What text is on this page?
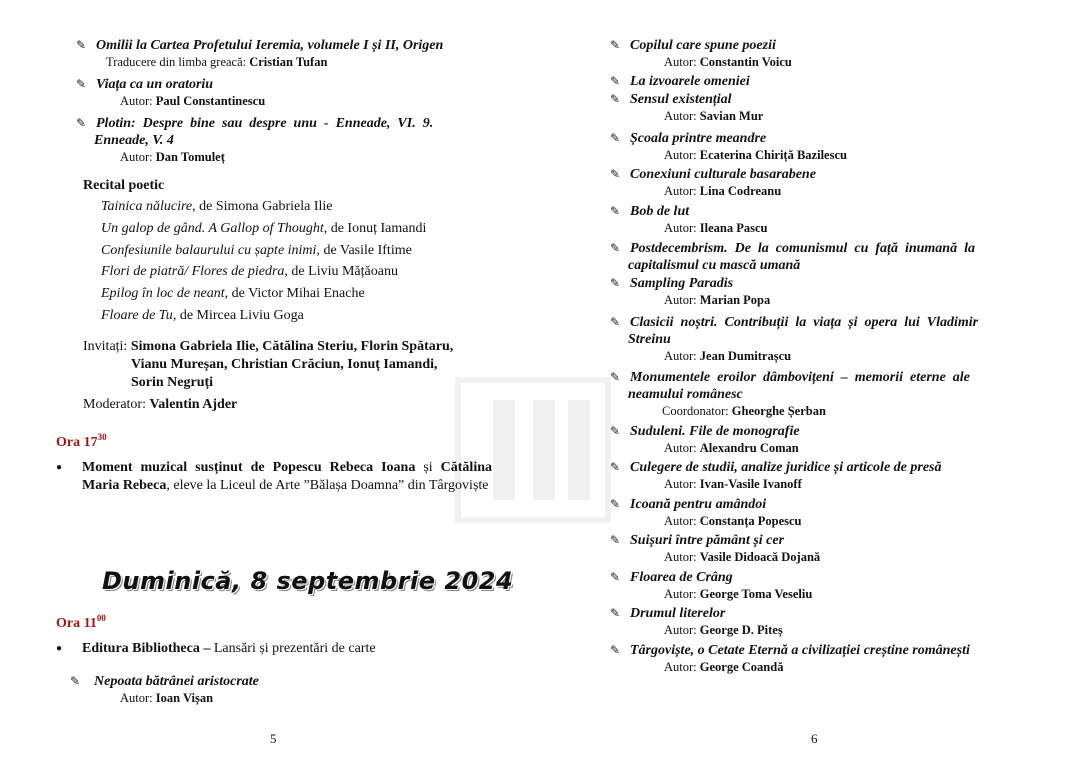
✎ Omilii la Cartea Profetului Ieremia, volumele I și II, Origen
Traducere din limba greacă: Cristian Tufan
✎ Viața ca un oratoriu
Autor: Paul Constantinescu
✎ Plotin:  Despre  bine  sau  despre  unu  -  Enneade,  VI.  9.
Enneade, V. 4
Autor: Dan Tomuleț
Recital poetic
Tainica nălucire, de Simona Gabriela Ilie
Un galop de gând. A Gallop of Thought, de Ionuț Iamandi
Confesiunile balaurului cu șapte inimi, de Vasile Iftime
Flori de piatră/ Flores de piedra, de Liviu Mățăoanu
Epilog în loc de neant, de Victor Mihai Enache
Floare de Tu, de Mircea Liviu Goga
Invitați: Simona Gabriela Ilie, Cătălina Steriu, Florin Spătaru,
Vianu Mureșan, Christian Crăciun, Ionuț Iamandi,
Sorin Negruți
Moderator: Valentin Ajder
Ora $17^{30}$
●	Moment muzical susținut de Popescu Rebeca Ioana și Cătălina Maria Rebeca, eleve la Liceul de Arte ”Bălașa Doamna” din Târgoviște
Duminică, 8 septembrie 2024
Ora $11^{00}$
●	Editura Bibliotheca – Lansări și prezentări de carte
✎ Nepoata bătrânei aristocrate
Autor: Ioan Vișan
5
✎ Copilul care spune poezii
Autor: Constantin Voicu
✎ La izvoarele omeniei
✎ Sensul existențial
Autor: Savian Mur
✎ Școala printre meandre
Autor: Ecaterina Chiriță Bazilescu
✎ Conexiuni culturale basarabene
Autor: Lina Codreanu
✎ Bob de lut
Autor: Ileana Pascu
✎ Postdecembrism.  De  la  comunismul  cu  față  inumană  la
capitalismul cu mască umană
✎ Sampling Paradis
Autor: Marian Popa
✎ Clasicii  noștri.  Contribuții  la  viața  și  opera  lui  Vladimir
Streinu
Autor: Jean Dumitrașcu
✎ Monumentele  eroilor  dâmbovițeni  –  memorii  eterne  ale
neamului românesc
Coordonator: Gheorghe Șerban
✎ Suduleni. File de monografie
Autor: Alexandru Coman
✎ Culegere de studii, analize juridice și articole de presă
Autor: Ivan-Vasile Ivanoff
✎ Icoană pentru amândoi
Autor: Constanța Popescu
✎ Suișuri între pământ și cer
Autor: Vasile Didoacă Dojană
✎ Floarea de Crâng
Autor: George Toma Veseliu
✎ Drumul literelor
Autor: George D. Piteș
✎ Târgoviște, o Cetate Eternă a civilizației creștine românești
Autor: George Coandă
6
